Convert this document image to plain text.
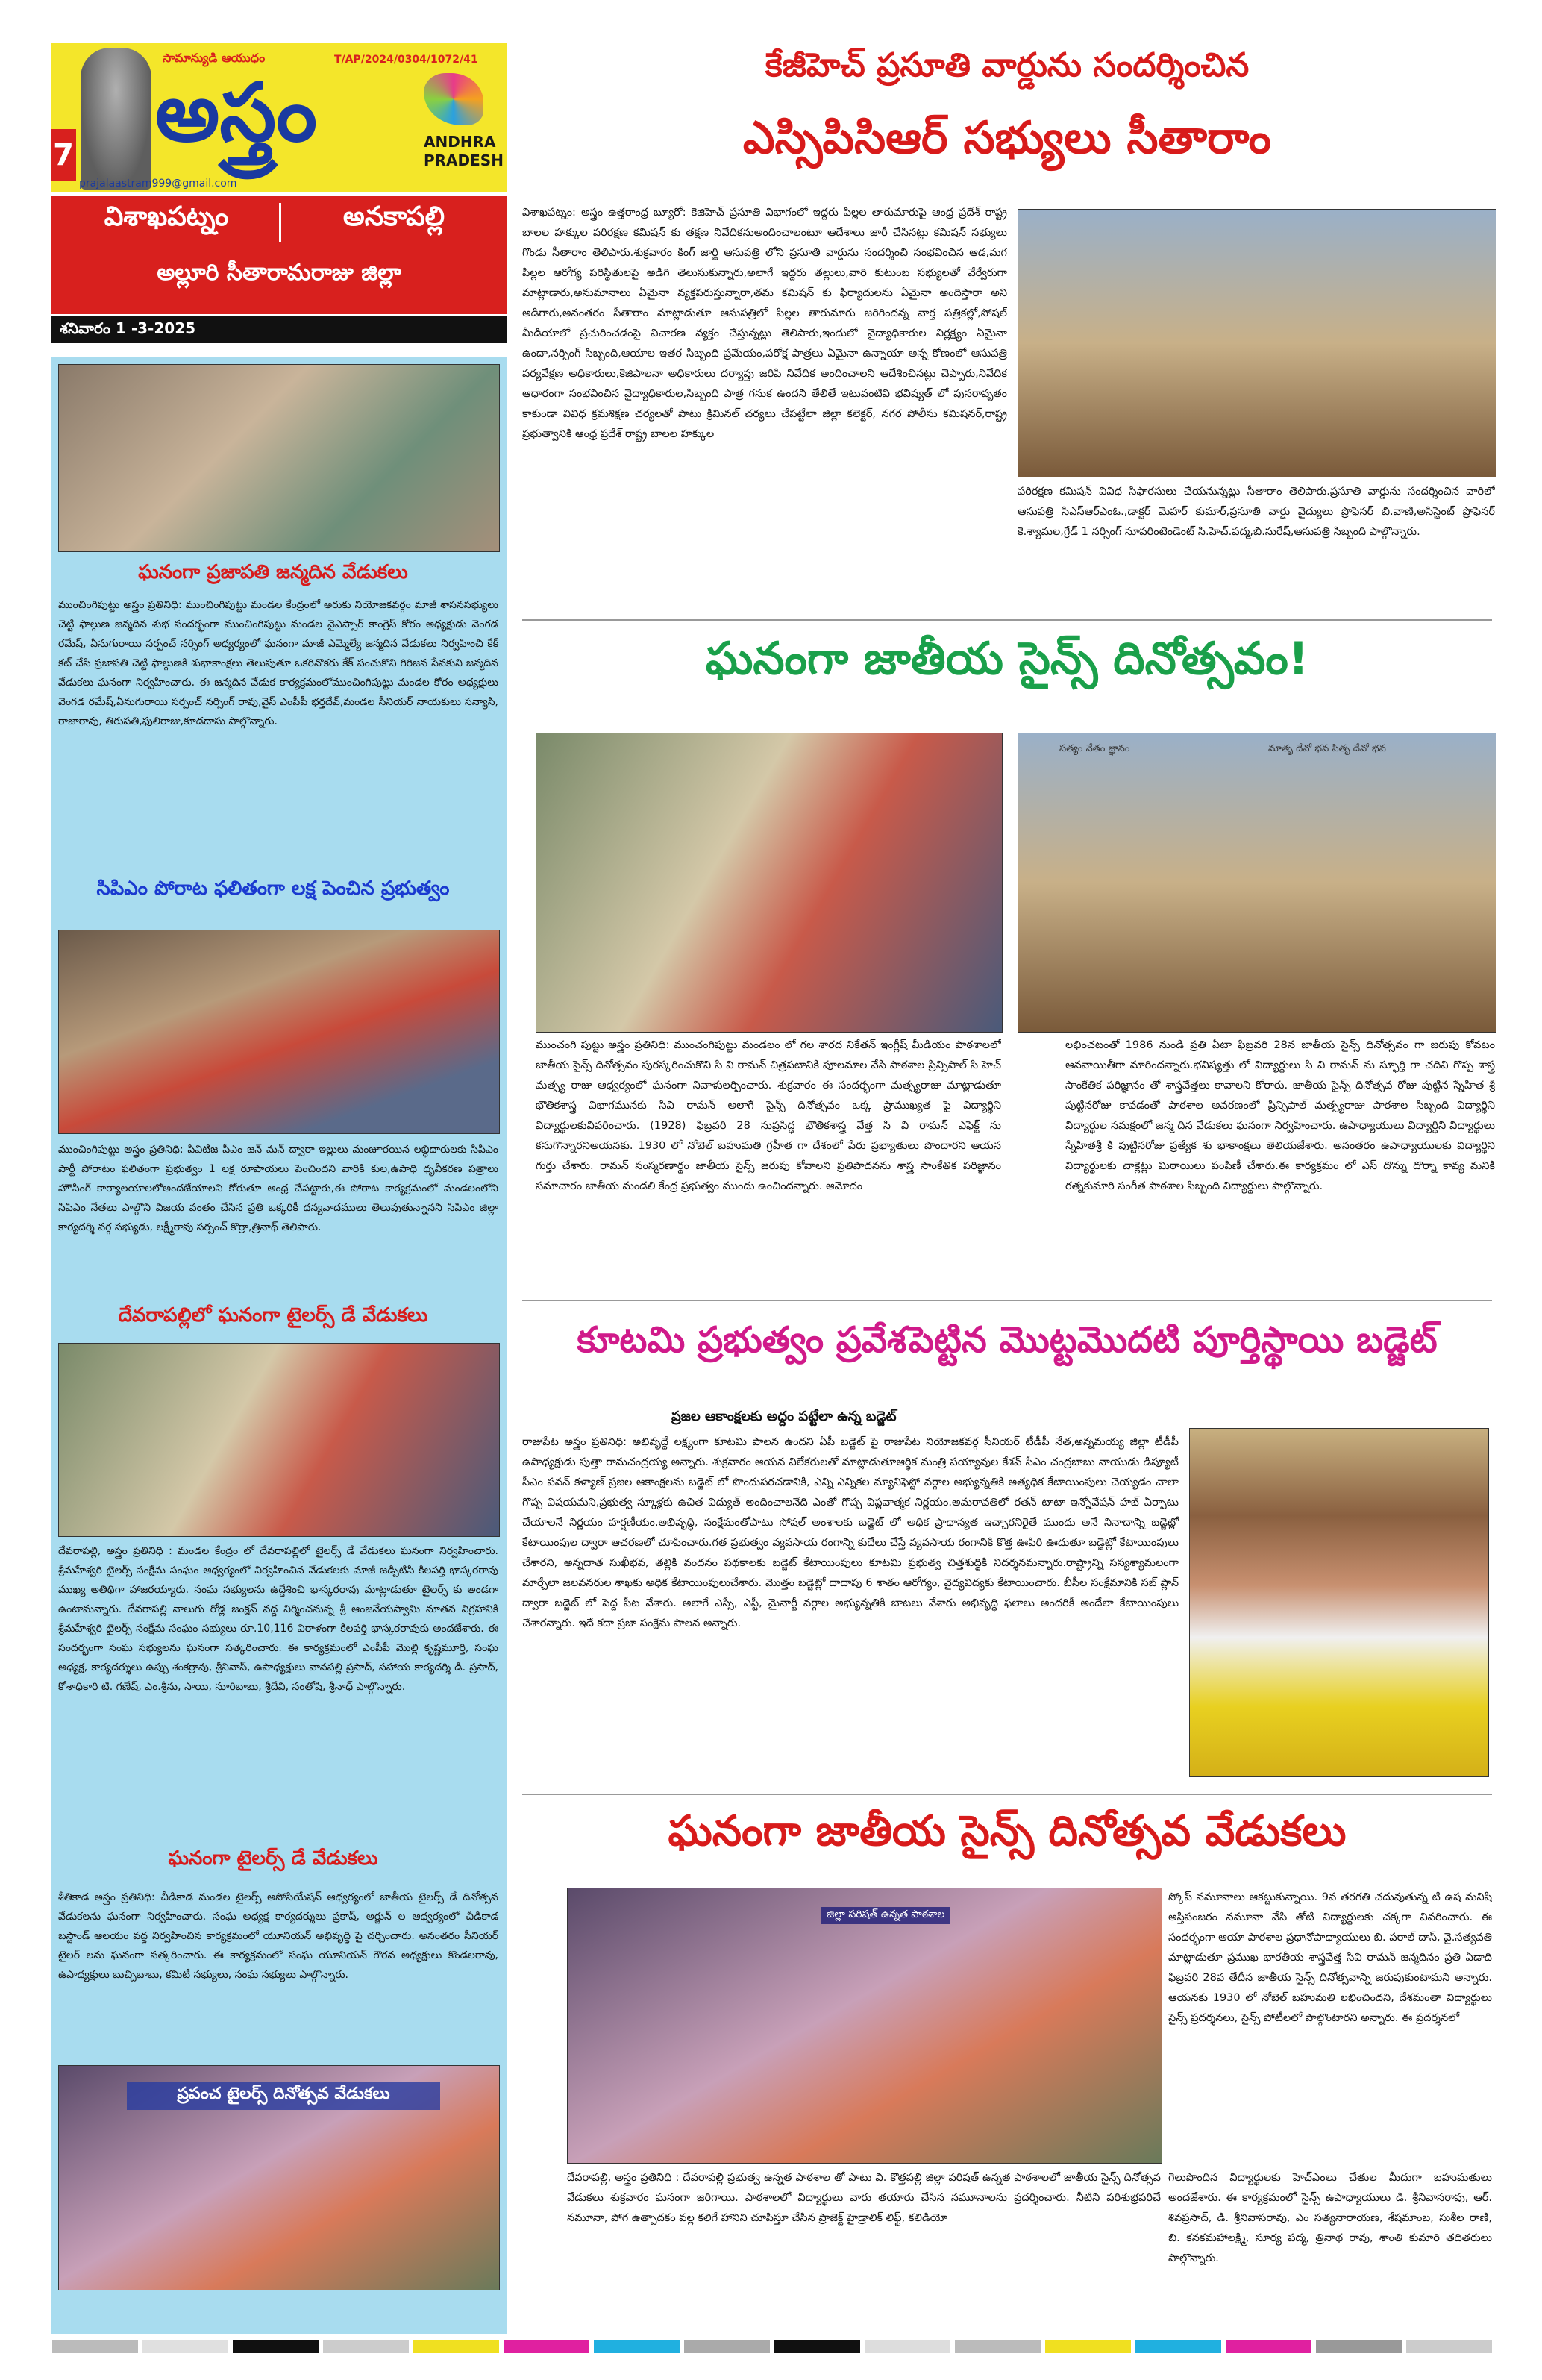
7
సామాన్యుడి ఆయుధం	T/AP/2024/0304/1072/41
అస్త్రం	ANDHRA
PRADESH
prajalaastram999@gmail.com
విశాఖపట్నం	అనకాపల్లి
అల్లూరి సీతారామరాజు జిల్లా
శనివారం 1 -3-2025
ఘనంగా ప్రజాపతి జన్మదిన వేడుకలు
ముంచింగిపుట్టు అస్త్రం ప్రతినిధి: ముంచింగిపుట్టు మండల కేంద్రంలో అరుకు నియోజకవర్గం మాజీ శాసనసభ్యులు చెట్టి ఫాల్గుణ జన్మదిన శుభ సందర్భంగా ముంచింగిపుట్టు మండల వైఎస్సార్ కాంగ్రెస్ కోరం అధ్యక్షుడు వెంగడ రమేష్, ఏనుగురాయి సర్పంచ్ నర్సింగ్ అధ్యర్యంలో ఘనంగా మాజీ ఎమ్మెల్యే జన్మదిన వేడుకలు నిర్వహించి కేక్ కట్ చేసి ప్రజాపతి చెట్టి ఫాల్గుణకి శుభాకాంక్షలు తెలుపుతూ ఒకరినొకరు కేక్ పంచుకొని గిరిజన సేవకుని జన్మదిన వేడుకలు ఘనంగా నిర్వహించారు. ఈ జన్మదిన వేడుక కార్యక్రమంలోముంచింగిపుట్టు మండల కోరం అధ్యక్షులు వెంగడ రమేష్,ఏనుగురాయి సర్పంచ్ నర్సింగ్ రావు,వైస్ ఎంపీపీ భర్తదేవ్,మండల సీనియర్ నాయకులు సన్యాసి, రాజారావు, తిరుపతి,ఫులిరాజు,కూడదాసు పాల్గొన్నారు.
సిపిఎం పోరాట ఫలితంగా లక్ష పెంచిన ప్రభుత్వం
ముంచింగిపుట్టు అస్త్రం ప్రతినిధి: పివిటిజ పీఎం జన్ మన్ ద్వారా ఇల్లులు మంజూరయిన లబ్ధిదారులకు సిపిఎం పార్టీ పోరాటం ఫలితంగా ప్రభుత్వం 1 లక్ష రూపాయలు పెంచిందని వారికి కుల,ఉపాధి ధృవీకరణ పత్రాలు హౌసింగ్ కార్యాలయాలలోఅందజేయాలని కోరుతూ ఆంధ్ర చేపట్టారు,ఈ పోరాట కార్యక్రమంలో మండలంలోని సిపిఎం నేతలు పాల్గొని విజయ వంతం చేసిన ప్రతి ఒక్కరికీ ధన్యవాదములు తెలుపుతున్నానని సిపిఎం జిల్లా కార్యదర్శి వర్గ సభ్యుడు, లక్ష్మీరావు సర్పంచ్ కొర్రా,త్రినాథ్ తెలిపారు.
దేవరాపల్లిలో ఘనంగా టైలర్స్ డే వేడుకలు
దేవరాపల్లి, అస్త్రం ప్రతినిధి : మండల కేంద్రం లో దేవరాపల్లిలో టైలర్స్ డే వేడుకలు ఘనంగా నిర్వహించారు. శ్రీమహేశ్వరి టైలర్స్ సంక్షేమ సంఘం ఆధ్వర్యంలో నిర్వహించిన వేడుకలకు మాజీ జడ్పిటిసి కిలపర్తి భాస్కరరావు ముఖ్య అతిథిగా హాజరయ్యారు. సంఘ సభ్యులను ఉద్దేశించి భాస్కరరావు మాట్లాడుతూ టైలర్స్ కు అండగా ఉంటామన్నారు. దేవరాపల్లి నాలుగు రోడ్ల జంక్షన్ వద్ద నిర్మించనున్న శ్రీ ఆంజనేయస్వామి నూతన విగ్రహానికి శ్రీమహేశ్వరి టైలర్స్ సంక్షేమ సంఘం సభ్యులు రూ.10,116 విరాళంగా కిలపర్తి భాస్కరరావుకు అందజేశారు. ఈ సందర్భంగా సంఘ సభ్యులను ఘనంగా సత్కరించారు. ఈ కార్యక్రమంలో ఎంపీపీ మొల్లి కృష్ణమూర్తి, సంఘ అధ్యక్ష, కార్యదర్శులు ఉప్పు శంకర్రావు, శ్రీనివాస్, ఉపాధ్యక్షులు వానపల్లి ప్రసాద్, సహాయ కార్యదర్శి డి. ప్రసాద్, కోశాధికారి టి. గణేష్, ఎం.శ్రీను, సాయి, సూరిబాబు, శ్రీదేవి, సంతోషి, శ్రీనాధ్ పాల్గొన్నారు.
ఘనంగా టైలర్స్ డే వేడుకలు
శీతికాడ అస్త్రం ప్రతినిధి: చీడికాడ మండల టైలర్స్ అసోసియేషన్ ఆధ్వర్యంలో జాతీయ టైలర్స్ డే దినోత్సవ వేడుకలను ఘనంగా నిర్వహించారు. సంఘ అధ్యక్ష కార్యదర్శులు ప్రకాష్, అర్జున్ ల ఆధ్వర్యంలో చీడికాడ బస్టాండ్ ఆలయం వద్ద నిర్వహించిన కార్యక్రమంలో యూనియన్ అభివృద్ధి పై చర్చించారు. అనంతరం సీనియర్ టైలర్ లను ఘనంగా సత్కరించారు. ఈ కార్యక్రమంలో సంఘ యూనియన్ గౌరవ అధ్యక్షులు కొండలరావు, ఉపాధ్యక్షులు బుచ్చిబాబు, కమిటీ సభ్యులు, సంఘ సభ్యులు పాల్గొన్నారు.
ప్రపంచ టైలర్స్ దినోత్సవ వేడుకలు
కేజీహెచ్ ప్రసూతి వార్డును సందర్శించిన
ఎస్సిపిసిఆర్ సభ్యులు సీతారాం
విశాఖపట్నం: అస్త్రం ఉత్తరాంధ్ర బ్యూరో: కెజిహెచ్ ప్రసూతి విభాగంలో ఇద్దరు పిల్లల తారుమారుపై ఆంధ్ర ప్రదేశ్ రాష్ట్ర బాలల హక్కుల పరిరక్షణ కమిషన్ కు తక్షణ నివేదికనుఅందించాలంటూ ఆదేశాలు జారీ చేసినట్లు కమిషన్ సభ్యులు గొండు సీతారాం తెలిపారు.శుక్రవారం కింగ్ జార్జి ఆసుపత్రి లోని ప్రసూతి వార్డును సందర్శించి సంభవించిన ఆడ,మగ పిల్లల ఆరోగ్య పరిస్థితులపై అడిగి తెలుసుకున్నారు,అలాగే ఇద్దరు తల్లులు,వారి కుటుంబ సభ్యులతో వేర్వేరుగా మాట్లాడారు,అనుమానాలు ఏమైనా వ్యక్తపరుస్తున్నారా,తమ కమిషన్ కు ఫిర్యాదులను ఏమైనా అందిస్తారా అని అడిగారు,అనంతరం సీతారాం మాట్లాడుతూ ఆసుపత్రిలో పిల్లల తారుమారు జరిగిందన్న వార్త పత్రికల్లో,సోషల్ మీడియాలో ప్రచురించడంపై విచారణ వ్యక్తం చేస్తున్నట్లు తెలిపారు,ఇందులో వైద్యాధికారుల నిర్లక్ష్యం ఏమైనా ఉందా,నర్సింగ్ సిబ్బంది,ఆయాల ఇతర సిబ్బంది ప్రమేయం,పరోక్ష పాత్రలు ఏమైనా ఉన్నాయా అన్న కోణంలో ఆసుపత్రి పర్యవేక్షణ అధికారులు,కెజిపాలనా అధికారులు దర్యాప్తు జరిపి నివేదిక అందించాలని ఆదేశించినట్లు చెప్పారు,నివేదిక ఆధారంగా సంభవించిన వైద్యాధికారుల,సిబ్బంది పాత్ర గనుక ఉందని తేలితే ఇటువంటివి భవిష్యత్ లో పునరావృతం కాకుండా వివిధ క్రమశిక్షణ చర్యలతో పాటు క్రిమినల్ చర్యలు చేపట్టేలా జిల్లా కలెక్టర్, నగర పోలీసు కమిషనర్,రాష్ట్ర ప్రభుత్వానికి ఆంధ్ర ప్రదేశ్ రాష్ట్ర బాలల హక్కుల
పరిరక్షణ కమిషన్ వివిధ సిఫారసులు చేయనున్నట్లు సీతారాం తెలిపారు.ప్రసూతి వార్డును సందర్శించిన వారిలో ఆసుపత్రి సిఎస్ఆర్ఎంఓ.,డాక్టర్ మెహర్ కుమార్,ప్రసూతి వార్డు వైద్యులు ప్రొఫెసర్ బి.వాణి,అసిస్టెంట్ ప్రొఫెసర్ కె.శ్యామల,గ్రేడ్ 1 నర్సింగ్ సూపరింటెండెంట్ సి.హెచ్.పద్మ,బి.సురేష్,ఆసుపత్రి సిబ్బంది పాల్గొన్నారు.
ఘనంగా జాతీయ సైన్స్ దినోత్సవం!
సత్యం నేతం జ్ఞానం	మాతృ దేవో భవ పితృ దేవో భవ
ముంచంగి పుట్టు అస్త్రం ప్రతినిధి: ముంచంగిపుట్టు మండలం లో గల శారద నికేతన్ ఇంగ్లీష్ మీడియం పాఠశాలలో జాతీయ సైన్స్ దినోత్సవం పురస్కరించుకొని సి వి రామన్ చిత్రపటానికి పూలమాల వేసి పాఠశాల ప్రిన్సిపాల్ సి హెచ్ మత్స్య రాజు ఆధ్వర్యంలో ఘనంగా నివాళులర్పించారు. శుక్రవారం ఈ సందర్భంగా మత్స్యరాజు మాట్లాడుతూ భౌతికశాస్త్ర విభాగమునకు సివి రామన్ అలాగే సైన్స్ దినోత్సవం ఒక్క ప్రాముఖ్యత పై విద్యార్థిని విద్యార్థులకువివరించారు. (1928) ఫిబ్రవరి 28 సుప్రసిద్ధ భౌతికశాస్త్ర వేత్త సి వి రామన్ ఎఫెక్ట్ ను కనుగొన్నారనిఅయనకు. 1930 లో నోబెల్ బహుమతి గ్రహీత గా దేశంలో పేరు ప్రఖ్యాతులు పొందారని ఆయన గుర్తు చేశారు. రామన్ సంస్మరణార్థం జాతీయ సైన్స్ జరుపు కోవాలని ప్రతిపాదనను శాస్త్ర సాంకేతిక పరిజ్ఞానం సమాచారం జాతీయ మండలి కేంద్ర ప్రభుత్వం ముందు ఉంచిందన్నారు. ఆమోదం
లభించటంతో 1986 నుండి ప్రతి ఏటా ఫిబ్రవరి 28న జాతీయ సైన్స్ దినోత్సవం గా జరుపు కోవటం ఆనవాయితీగా మారిందన్నారు.భవిష్యత్తు లో విద్యార్థులు సి వి రామన్ ను స్ఫూర్తి గా చదివి గొప్ప శాస్త్ర సాంకేతిక పరిజ్ఞానం తో శాస్త్రవేత్తలు కావాలని కోరారు. జాతీయ సైన్స్ దినోత్సవ రోజు పుట్టిన స్నేహిత శ్రీ పుట్టినరోజు కావడంతో పాఠశాల అవరణంలో ప్రిన్సిపాల్ మత్స్యరాజు పాఠశాల సిబ్బంది విద్యార్థిని విద్యార్థుల సమక్షంలో జన్మ దిన వేడుకలు ఘనంగా నిర్వహించారు. ఉపాధ్యాయులు విద్యార్థిని విద్యార్థులు స్నేహితశ్రీ కి పుట్టినరోజు ప్రత్యేక శు భాకాంక్షలు తెలియజేశారు. అనంతరం ఉపాధ్యాయులకు విద్యార్థిని విద్యార్థులకు చాక్లెట్లు మిఠాయిలు పంపిణీ చేశారు.ఈ కార్యక్రమం లో ఎస్ దొన్ను దొర్నా కావ్య మనికి రత్నకుమారి సంగీత పాఠశాల సిబ్బంది విద్యార్థులు పాల్గొన్నారు.
కూటమి ప్రభుత్వం ప్రవేశపెట్టిన మొట్టమొదటి పూర్తిస్థాయి బడ్జెట్
ప్రజల ఆకాంక్షలకు అద్దం పట్టేలా ఉన్న బడ్జెట్
రాజుపేట అస్త్రం ప్రతినిధి: అభివృద్ధే లక్ష్యంగా కూటమి పాలన ఉందని ఏపీ బడ్జెట్ పై రాజుపేట నియోజకవర్గ సీనియర్ టీడీపీ నేత,అన్నమయ్య జిల్లా టీడీపీ ఉపాధ్యక్షుడు పుత్తా రామచంద్రయ్య అన్నారు. శుక్రవారం ఆయన విలేకరులతో మాట్లాడుతూఆర్థిక మంత్రి పయ్యావుల కేశవ్ సీఎం చంద్రబాబు నాయుడు డిప్యూటీ సీఎం పవన్ కళ్యాణ్ ప్రజల ఆకాంక్షలను బడ్జెట్ లో పొందుపరచడానికి, ఎన్ని ఎన్నికల మ్యానిఫెస్టో వర్గాల అభ్యున్నతికి అత్యధిక కేటాయింపులు చెయ్యడం చాలా గొప్ప విషయమని,ప్రభుత్వ స్కూళ్లకు ఉచిత విద్యుత్ అందించాలనేది ఎంతో గొప్ప విప్లవాత్మక నిర్ణయం.అమరావతిలో రతన్ టాటా ఇన్నోవేషన్ హబ్ ఏర్పాటు చేయాలనే నిర్ణయం హర్షణీయం.అభివృద్ధి, సంక్షేమంతోపాటు సోషల్ అంశాలకు బడ్జెట్ లో అధిక ప్రాధాన్యత ఇచ్చారనిరైతే ముందు అనే నినాదాన్ని బడ్జెట్లో కేటాయింపుల ద్వారా ఆచరణలో చూపించారు.గత ప్రభుత్వం వ్యవసాయ రంగాన్ని కుదేలు చేస్తే వ్యవసాయ రంగానికి కొత్త ఊపిరి ఊదుతూ బడ్జెట్లో కేటాయింపులు చేశారని, అన్నదాత సుఖీభవ, తల్లికి వందనం పథకాలకు బడ్జెట్ కేటాయింపులు కూటమి ప్రభుత్వ చిత్తశుద్ధికి నిదర్శనమన్నారు.రాష్ట్రాన్ని సస్యశ్యామలంగా మార్చేలా జలవనరుల శాఖకు అధిక కేటాయింపులుచేశారు. మొత్తం బడ్జెట్లో దాదాపు 6 శాతం ఆరోగ్యం, వైద్యవిద్యకు కేటాయించారు. బీసీల సంక్షేమానికి సబ్ ప్లాన్ ద్వారా బడ్జెట్ లో పెద్ద పీట వేశారు. అలాగే ఎస్సీ, ఎస్టీ, మైనార్టీ వర్గాల అభ్యున్నతికి బాటలు వేశారు అభివృద్ధి ఫలాలు అందరికీ అందేలా కేటాయింపులు చేశారన్నారు. ఇదే కదా ప్రజా సంక్షేమ పాలన అన్నారు.
ఘనంగా జాతీయ సైన్స్ దినోత్సవ వేడుకలు
జిల్లా పరిషత్ ఉన్నత పాఠశాల
స్కోప్ నమూనాలు ఆకట్టుకున్నాయి. 9వ తరగతి చదువుతున్న టి ఉష మనిషి అస్తిపంజరం నమూనా వేసి తోటి విద్యార్థులకు చక్కగా వివరించారు. ఈ సందర్భంగా ఆయా పాఠశాల ప్రధానోపాధ్యాయులు బి. పరాల్ దాస్, వై.సత్యవతి మాట్లాడుతూ ప్రముఖ భారతీయ శాస్త్రవేత్త సివి రామన్ జన్మదినం ప్రతి ఏడాది ఫిబ్రవరి 28వ తేదీన జాతీయ సైన్స్ దినోత్సవాన్ని జరుపుకుంటామని అన్నారు. ఆయనకు 1930 లో నోబెల్ బహుమతి లభించిందని, దేశమంతా విద్యార్థులు సైన్స్ ప్రదర్శనలు, సైన్స్ పోటీలలో పాల్గొంటారని అన్నారు. ఈ ప్రదర్శనలో
దేవరాపల్లి, అస్త్రం ప్రతినిధి : దేవరాపల్లి ప్రభుత్వ ఉన్నత పాఠశాల తో పాటు వి. కొత్తపల్లి జిల్లా పరిషత్ ఉన్నత పాఠశాలలో జాతీయ సైన్స్ దినోత్సవ వేడుకలు శుక్రవారం ఘనంగా జరిగాయి. పాఠశాలలో విద్యార్థులు వారు తయారు చేసిన నమూనాలను ప్రదర్శించారు. నీటిని పరిశుభ్రపరిచే నమూనా, పోగ ఉత్పాదకం వల్ల కలిగే హానిని చూపిస్తూ చేసిన ప్రాజెక్ట్ హైడ్రాలిక్ లిఫ్ట్, కలిడియో
గెలుపొందిన విద్యార్థులకు హెచ్ఎంలు చేతుల మీదుగా బహుమతులు అందజేశారు. ఈ కార్యక్రమంలో సైన్స్ ఉపాధ్యాయులు డి. శ్రీనివాసరావు, ఆర్. శివప్రసాద్, డి. శ్రీనివాసరావు, ఎం సత్యనారాయణ, శేషమాంబ, సుశీల రాణి, బి. కనకమహాలక్ష్మి, సూర్య పద్మ, త్రినాథ రావు, శాంతి కుమారి తదితరులు పాల్గొన్నారు.
